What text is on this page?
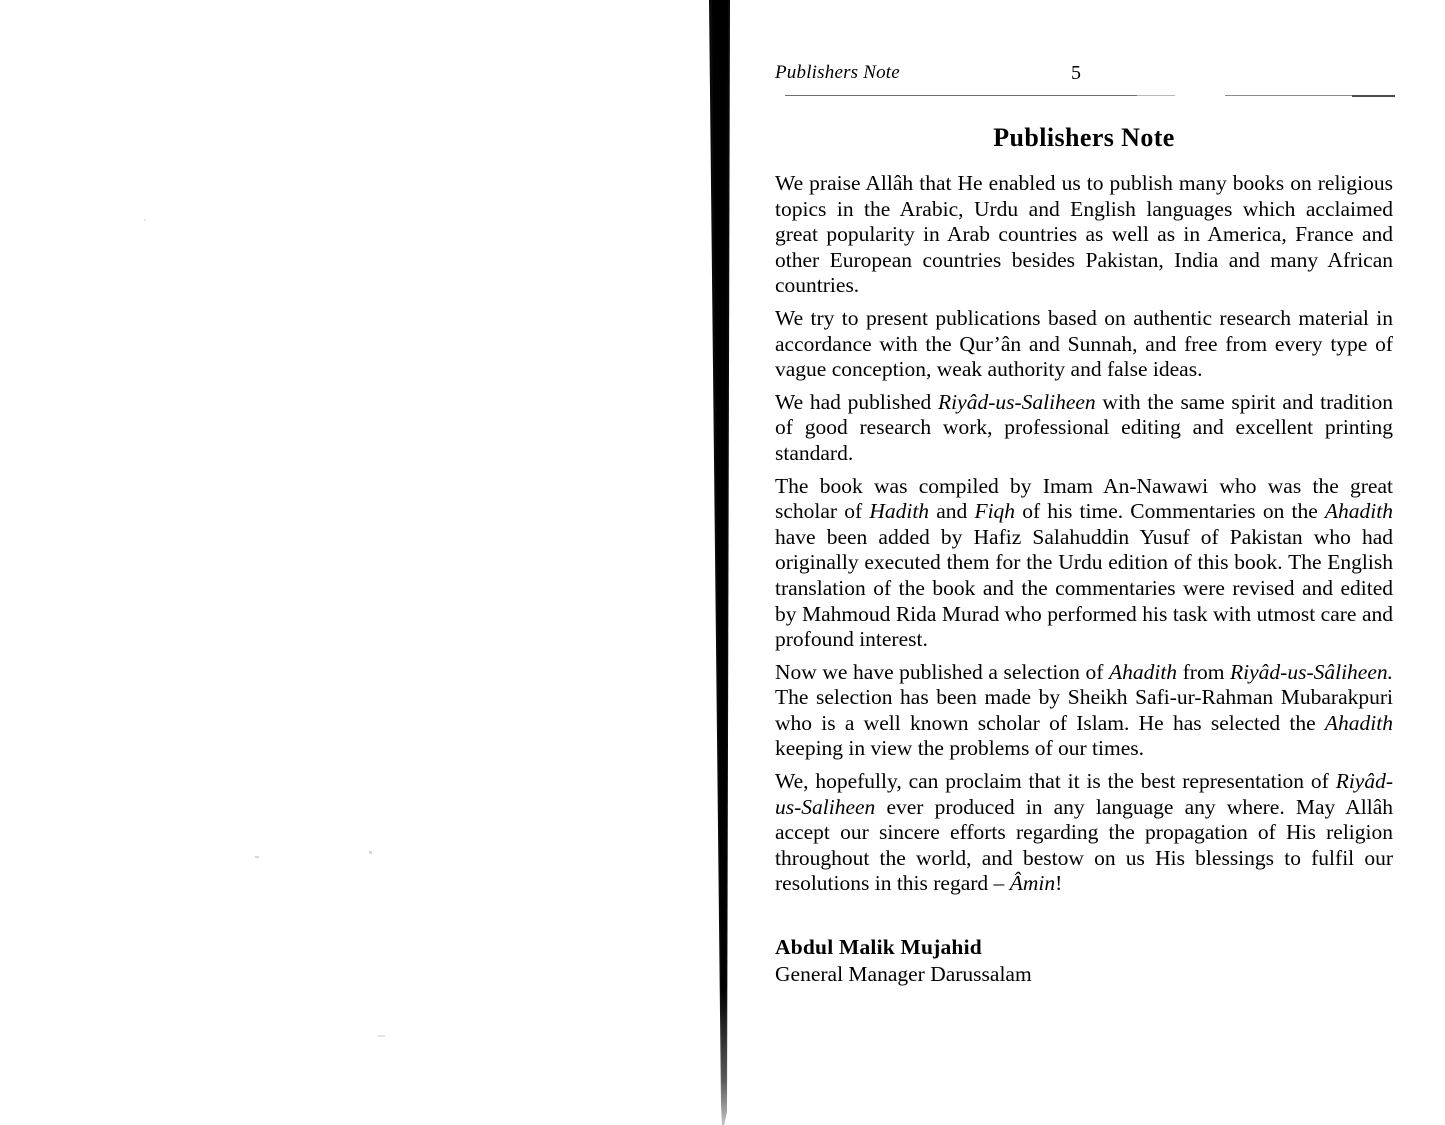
Publishers Note	5
Publishers Note

We praise Allâh that He enabled us to publish many books on religious topics in the Arabic, Urdu and English languages which acclaimed great popularity in Arab countries as well as in America, France and other European countries besides Pakistan, India and many African countries.

We try to present publications based on authentic research material in accordance with the Qur’ân and Sunnah, and free from every type of vague conception, weak authority and false ideas.

We had published Riyâd-us-Saliheen with the same spirit and tradition of good research work, professional editing and excellent printing standard.

The book was compiled by Imam An-Nawawi who was the great scholar of Hadith and Fiqh of his time. Commentaries on the Ahadith have been added by Hafiz Salahuddin Yusuf of Pakistan who had originally executed them for the Urdu edition of this book. The English translation of the book and the commentaries were revised and edited by Mahmoud Rida Murad who performed his task with utmost care and profound interest.

Now we have published a selection of Ahadith from Riyâd-us-Sâliheen. The selection has been made by Sheikh Safi-ur-Rahman Mubarakpuri who is a well known scholar of Islam. He has selected the Ahadith keeping in view the problems of our times.

We, hopefully, can proclaim that it is the best representation of Riyâd-us-Saliheen ever produced in any language any where. May Allâh accept our sincere efforts regarding the propagation of His religion throughout the world, and bestow on us His blessings to fulfil our resolutions in this regard – Âmin!

Abdul Malik Mujahid
General Manager Darussalam
